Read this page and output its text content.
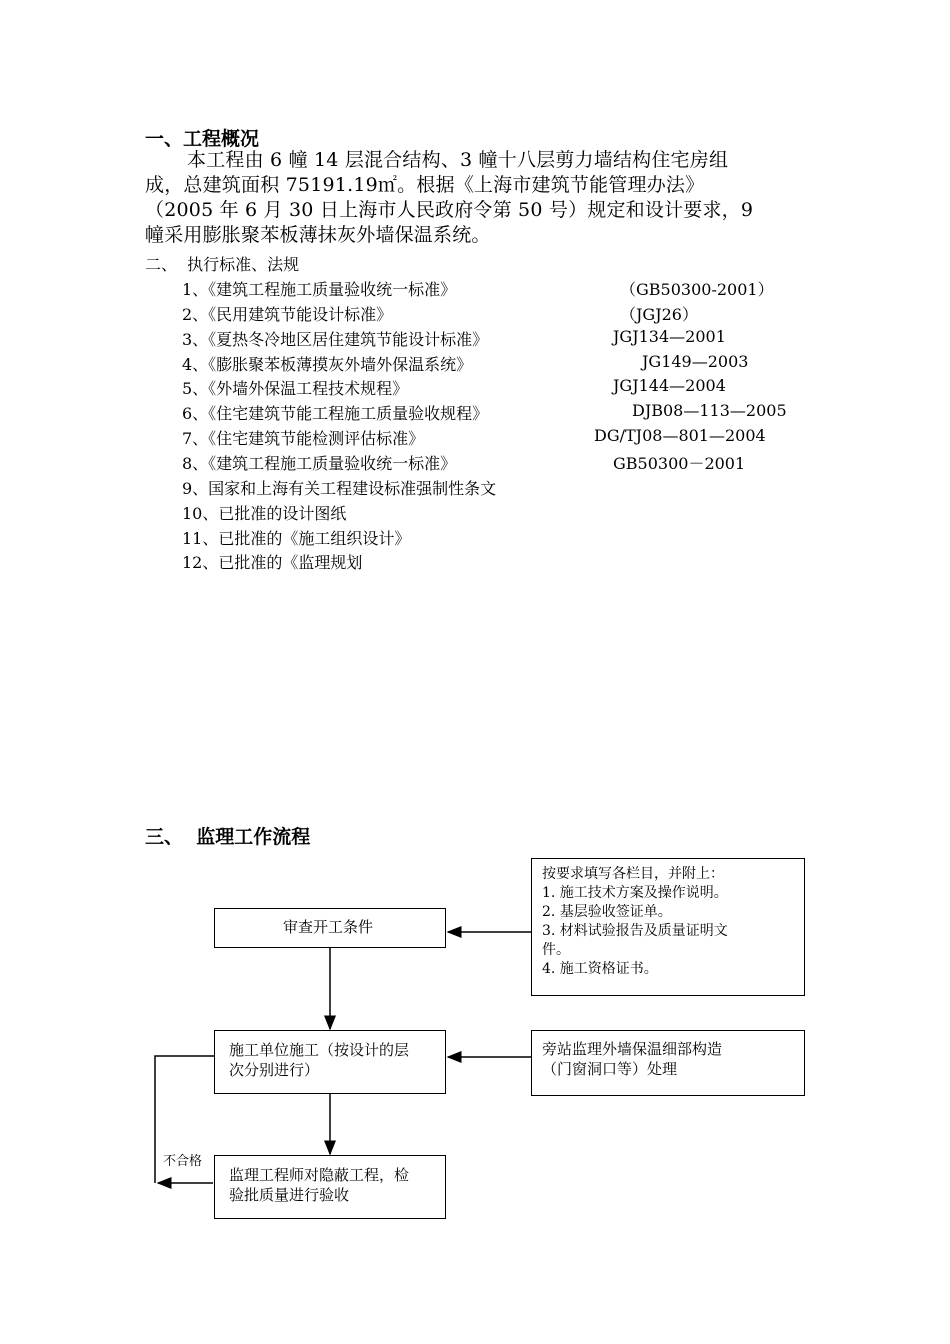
一、工程概况
本工程由 6 幢 14 层混合结构、3 幢十八层剪力墙结构住宅房组
成，总建筑面积 75191.19㎡。根据《上海市建筑节能管理办法》
（2005 年 6 月 30 日上海市人民政府令第 50 号）规定和设计要求，9
幢采用膨胀聚苯板薄抹灰外墙保温系统。
二、  执行标准、法规
1、《建筑工程施工质量验收统一标准》	（GB50300-2001）
2、《民用建筑节能设计标准》	（JGJ26）
3、《夏热冬冷地区居住建筑节能设计标准》	JGJ134—2001
4、《膨胀聚苯板薄摸灰外墙外保温系统》	JG149—2003
5、《外墙外保温工程技术规程》	JGJ144—2004
6、《住宅建筑节能工程施工质量验收规程》	DJB08—113—2005
7、《住宅建筑节能检测评估标准》	DG/TJ08—801—2004
8、《建筑工程施工质量验收统一标准》	GB50300－2001
9、国家和上海有关工程建设标准强制性条文
10、已批准的设计图纸
11、已批准的《施工组织设计》
12、已批准的《监理规划
三、  监理工作流程
审查开工条件
施工单位施工（按设计的层
次分别进行）
监理工程师对隐蔽工程，检
验批质量进行验收
按要求填写各栏目，并附上：
1. 施工技术方案及操作说明。
2. 基层验收签证单。
3. 材料试验报告及质量证明文
件。
4. 施工资格证书。
旁站监理外墙保温细部构造
（门窗洞口等）处理
不合格
